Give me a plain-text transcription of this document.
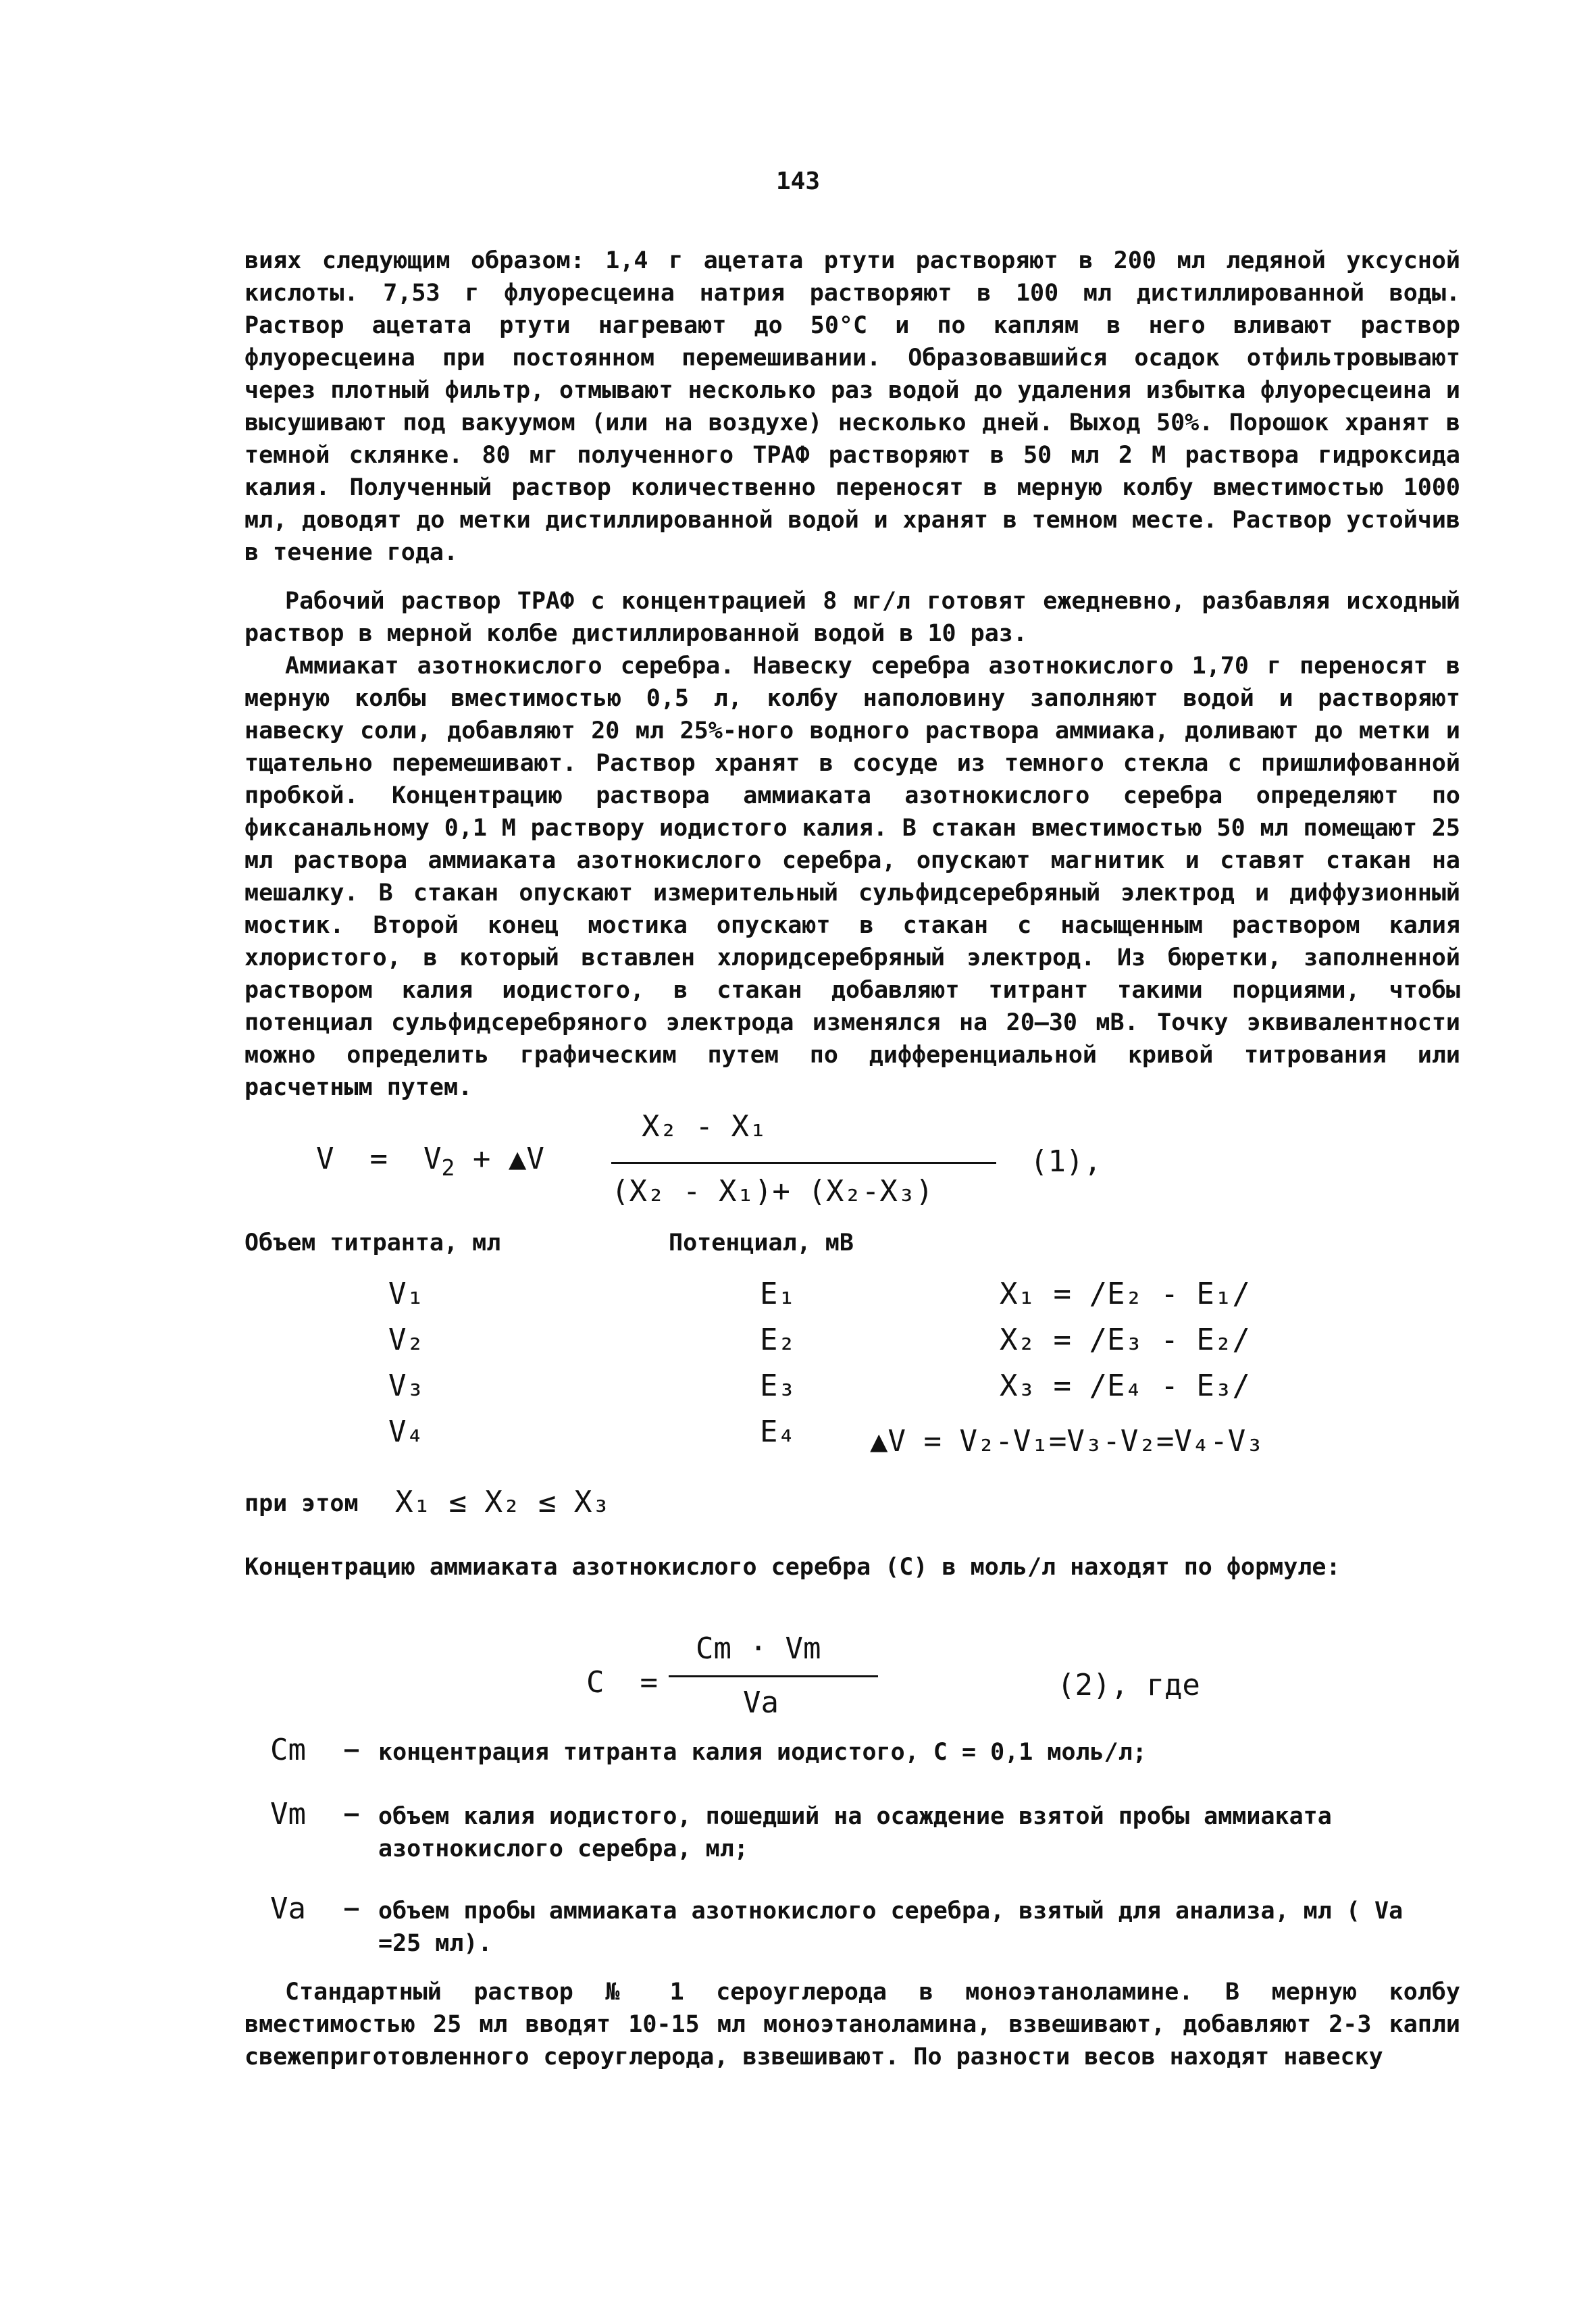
143
виях следующим образом: 1,4 г ацетата ртути растворяют в 200 мл ледяной уксусной кислоты. 7,53 г флуоресцеина натрия растворяют в 100 мл дистиллированной воды. Раствор ацетата ртути нагревают до 50°С и по каплям в него вливают раствор флуоресцеина при постоянном перемешивании. Образовавшийся осадок отфильтровывают через плотный фильтр, отмывают несколько раз водой до удаления избытка флуоресцеина и высушивают под вакуумом (или на воздухе) несколько дней. Выход 50%. Порошок хранят в темной склянке. 80 мг полученного ТРАФ растворяют в 50 мл 2 М раствора гидроксида калия. Полученный раствор количественно переносят в мерную колбу вместимостью 1000 мл, доводят до метки дистиллированной водой и хранят в темном месте. Раствор устойчив в течение года.
Рабочий раствор ТРАФ с концентрацией 8 мг/л готовят ежедневно, разбавляя исходный раствор в мерной колбе дистиллированной водой в 10 раз.
Аммиакат азотнокислого серебра. Навеску серебра азотнокислого 1,70 г переносят в мерную колбы вместимостью 0,5 л, колбу наполовину заполняют водой и растворяют навеску соли, добавляют 20 мл 25%-ного водного раствора аммиака, доливают до метки и тщательно перемешивают. Раствор хранят в сосуде из темного стекла с пришлифованной пробкой. Концентрацию раствора аммиаката азотнокислого серебра определяют по фиксанальному 0,1 М раствору иодистого калия. В стакан вместимостью 50 мл помещают 25 мл раствора аммиаката азотнокислого серебра, опускают магнитик и ставят стакан на мешалку. В стакан опускают измерительный сульфидсеребряный электрод и диффузионный мостик. Второй конец мостика опускают в стакан с насыщенным раствором калия хлористого, в который вставлен хлоридсеребряный электрод. Из бюретки, заполненной раствором калия иодистого, в стакан добавляют титрант такими порциями, чтобы потенциал сульфидсеребряного электрода изменялся на 20–30 мВ. Точку эквивалентности можно определить графическим путем по дифференциальной кривой титрования или расчетным путем.
$V = V_2$ + ▲V
X₂ - X₁
(X₂ - X₁)+ (X₂-X₃)
(1),
Объем титранта, мл	Потенциал, мВ
V₁
V₂
V₃
V₄
E₁
E₂
E₃
E₄
X₁ = /E₂ - E₁/
X₂ = /E₃ - E₂/
X₃ = /E₄ - E₃/
▲V = V₂-V₁=V₃-V₂=V₄-V₃
при этом X₁ ≤ X₂ ≤ X₃
Концентрацию аммиаката азотнокислого серебра (С) в моль/л находят по формуле:
C =
Cm · Vm
Va
(2), где
Cm – концентрация титранта калия иодистого, С = 0,1 моль/л;
Vm – объем калия иодистого, пошедший на осаждение взятой пробы аммиаката азотнокислого серебра, мл;
Va – объем пробы аммиаката азотнокислого серебра, взятый для анализа, мл ( Va =25 мл).
Стандартный раствор № 1 сероуглерода в моноэтаноламине. В мерную колбу вместимостью 25 мл вводят 10-15 мл моноэтаноламина, взвешивают, добавляют 2-3 капли свежеприготовленного сероуглерода, взвешивают. По разности весов находят навеску
